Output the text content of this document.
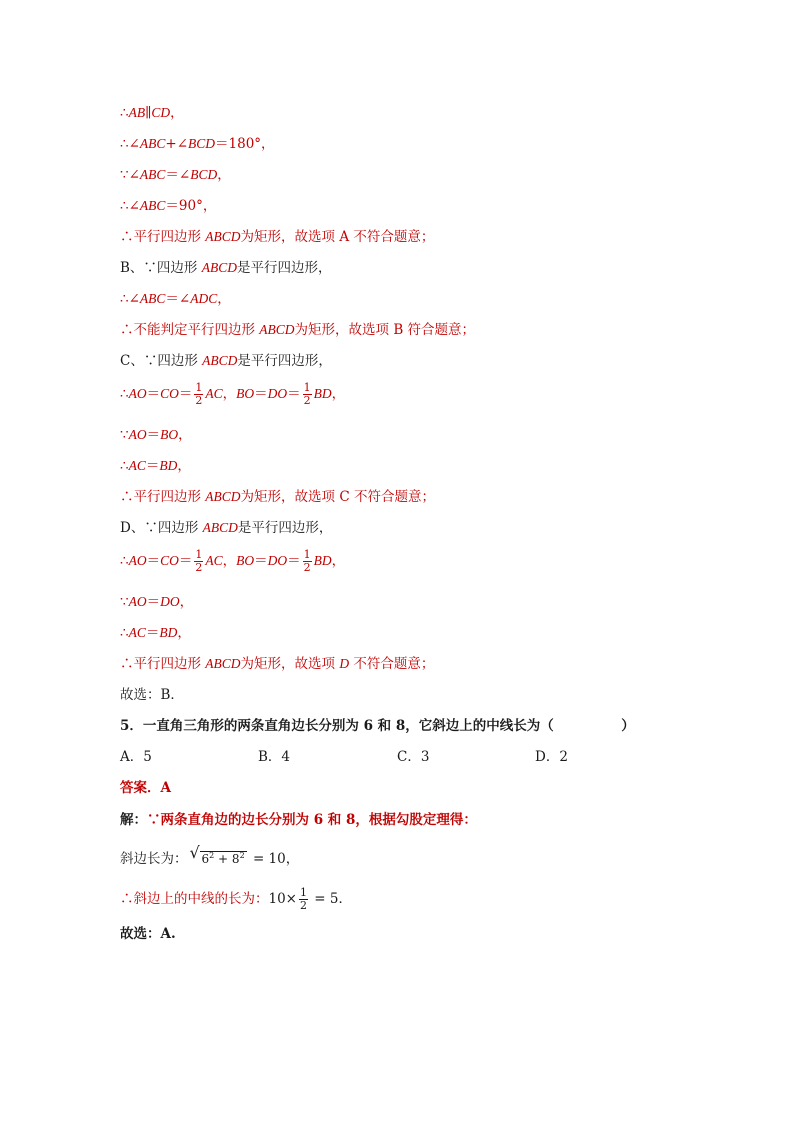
∴AB∥CD，
∴∠ABC+∠BCD＝180°，
∵∠ABC＝∠BCD，
∴∠ABC＝90°，
∴平行四边形 ABCD为矩形，故选项 A 不符合题意；
B、∵四边形 ABCD是平行四边形，
∴∠ABC＝∠ADC，
∴不能判定平行四边形 ABCD为矩形，故选项 B 符合题意；
C、∵四边形 ABCD是平行四边形，
∴AO＝CO＝ $\frac{1}{2}$ AC，$BO=DO= \frac{1}{2}$ BD，
∵AO＝BO，
∴AC＝BD，
∴平行四边形 ABCD为矩形，故选项 C 不符合题意；
D、∵四边形 ABCD是平行四边形，
∴AO＝CO＝ $\frac{1}{2}$ AC，$BO=DO= \frac{1}{2}$ BD，
∵AO＝DO，
∴AC＝BD，
∴平行四边形 ABCD为矩形，故选项 D 不符合题意；
故选：B．
5．一直角三角形的两条直角边长分别为 6 和 8，它斜边上的中线长为（　　　　　）
A．5	B．4	C．3	D．2
答案．A
解：∵两条直角边的边长分别为 6 和 8，根据勾股定理得：
斜边长为： √ $6^2 + 8^2 = 10$，
∴斜边上的中线的长为：$10\times \frac{1}{2} = 5$．
故选：A.
